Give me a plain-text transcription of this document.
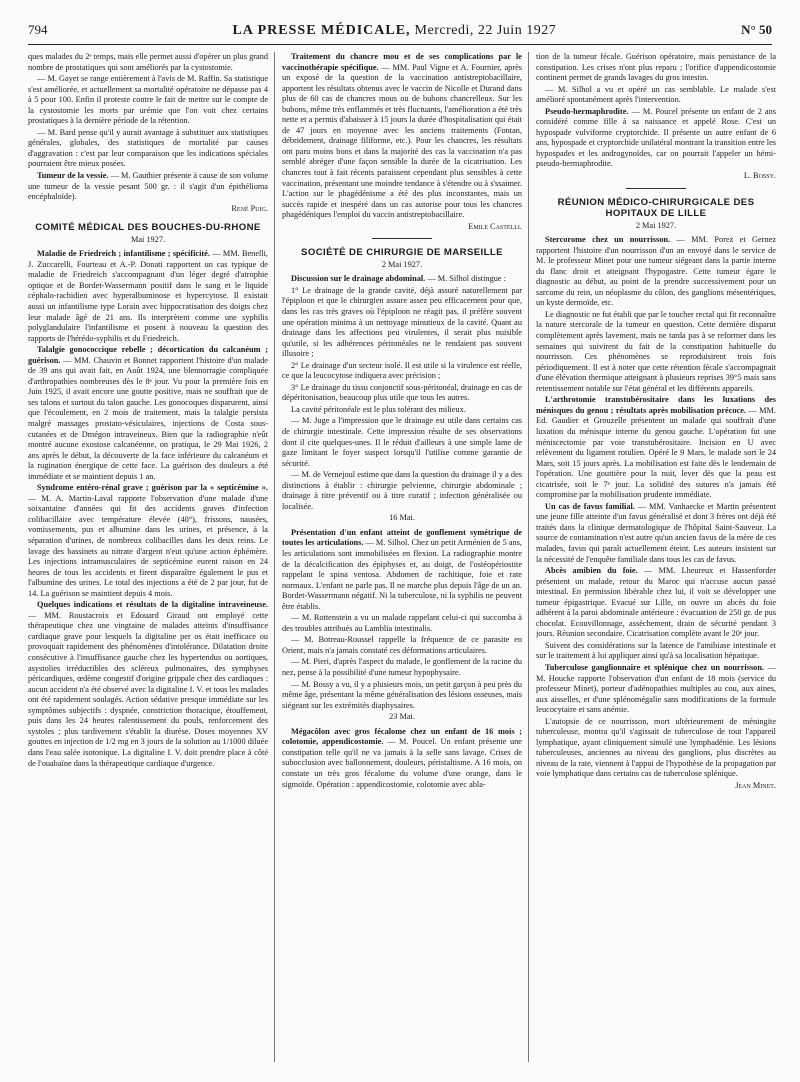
794	LA PRESSE MÉDICALE, Mercredi, 22 Juin 1927	N° 50

ques malades du 2ᵉ temps, mais elle permet aussi d'opérer un plus grand nombre de prostatiques qui sont améliorés par la cystostomie.

— M. Gayet se range entièrement à l'avis de M. Raffin. Sa statistique s'est améliorée, et actuellement sa mortalité opératoire ne dépasse pas 4 à 5 pour 100. Enfin il proteste contre le fait de mettre sur le compte de la cystostomie les morts par urémie que l'on voit chez certains prostatiques à la dernière période de la rétention.

— M. Bard pense qu'il y aurait avantage à substituer aux statistiques générales, globales, des statistiques de mortalité par causes d'aggravation : c'est par leur comparaison que les indications spéciales pourraient être mieux posées.

Tumeur de la vessie. — M. Gauthier présente à cause de son volume une tumeur de la vessie pesant 500 gr. : il s'agit d'un épithélioma encéphaloïde).

René Puig.
COMITÉ MÉDICAL DES BOUCHES-DU-RHONE
Mai 1927.

Maladie de Friedreich ; infantilisme ; spécificité. — MM. Benelli, J. Zuccarelli, Fourteau et A.-P. Donati rapportent un cas typique de maladie de Friedreich s'accompagnant d'un léger degré d'atrophie optique et de Bordet-Wassermann positif dans le sang et le liquide céphalo-rachidien avec hyperalbuminose et hypercytose. Il existait aussi un infantilisme type Lorain avec hippocratisation des doigts chez leur malade âgé de 21 ans. Ils interprètent comme une syphilis polyglandulaire l'infantilisme et posent à nouveau la question des rapports de l'hérédo-syphilis et du Friedreich.

Talalgie gonococcique rebelle ; décortication du calcanéum ; guérison. — MM. Chauvin et Bonnet rapportent l'histoire d'un malade de 39 ans qui avait fait, en Août 1924, une blennorragie compliquée d'arthropathies nombreuses dès le 8ᵉ jour. Vu pour la première fois en Juin 1925, il avait encore une goutte positive, mais ne souffrait que de ses talons et surtout du talon gauche. Les gonocoques disparurent, ainsi que l'écoulement, en 2 mois de traitement, mais la talalgie persista malgré massages prostato-vésiculaires, injections de Costa sous-cutanées et de Dmégon intraveineux. Bien que la radiographie n'eût montré aucune exostose calcanéenne, on pratiqua, le 29 Mai 1926, 2 ans après le début, la découverte de la face inférieure du calcanéum et la rugination énergique de cette face. La guérison des douleurs a été immédiate et se maintient depuis 1 an.

Syndrome entéro-rénal grave ; guérison par la « septicémine ». — M. A. Martin-Laval rapporte l'observation d'une malade d'une soixantaine d'années qui fit des accidents graves d'infection colibacillaire avec température élevée (40°), frissons, nausées, vomissements, pus et albumine dans les urines, et présence, à la séparation d'urines, de nombreux colibacilles dans les deux reins. Le lavage des bassinets au nitrate d'argent n'eut qu'une action éphémère. Les injections intramusculaires de septicémine eurent raison en 24 heures de tous les accidents et firent disparaître également le pus et l'albumine des urines. Le total des injections a été de 2 par jour, fut de 14. La guérison se maintient depuis 4 mois.

Quelques indications et résultats de la digitaline intraveineuse. — MM. Roustacroix et Edouard Giraud ont employé cette thérapeutique chez une vingtaine de malades atteints d'insuffisance cardiaque grave pour lesquels la digitaline per os était inefficace ou provoquait rapidement des phénomènes d'intolérance. Dilatation droite consécutive à l'insuffisance gauche chez les hypertendus ou aortiques, asystolies irréductibles des scléreux pulmonaires, des symphyses péricardiques, œdème congestif d'origine grippale chez des cardiaques : aucun accident n'a été observé avec la digitaline I. V. et tous les malades ont été rapidement soulagés. Action sédative presque immédiate sur les symptômes subjectifs : dyspnée, constriction thoracique, étouffement, puis dans les 24 heures ralentissement du pouls, renforcement des systoles ; plus tardivement s'établit la diurèse. Doses moyennes XV gouttes en injection de 1/2 mg en 3 jours de la solution au 1/1000 diluée dans l'eau salée isotonique. La digitaline I. V. doit prendre place à côté de l'ouabaïne dans la thérapeutique cardiaque d'urgence.

Traitement du chancre mou et de ses complications par le vaccinothérapie spécifique. — MM. Paul Vigne et A. Fournier, après un exposé de la question de la vaccination antistreptobacillaire, apportent les résultats obtenus avec le vaccin de Nicolle et Durand dans plus de 60 cas de chancres mous ou de bubons chancrelleux. Sur les bubons, même très enflammés et très fluctuants, l'amélioration a été très nette et a permis d'abaisser à 15 jours la durée d'hospitalisation qui était de 47 jours en moyenne avec les anciens traitements (Fontan, débridement, drainage filiforme, etc.). Pour les chancres, les résultats ont paru moins bons et dans la majorité des cas la vaccination n'a pas semblé abréger d'une façon sensible la durée de la cicatrisation. Les chancres tout à fait récents paraissent cependant plus sensibles à cette vaccination, présentant une moindre tendance à s'étendre ou à s'ssaimer. L'action sur le phagédénisme a été des plus inconstantes, mais un succès rapide et inespéré dans un cas autorise pour tous les chancres phagédéniques l'emploi du vaccin antistreptobacillaire.

Emile Castelli.
SOCIÉTÉ DE CHIRURGIE DE MARSEILLE
2 Mai 1927.

Discussion sur le drainage abdominal. — M. Silhol distingue :

1° Le drainage de la grande cavité, déjà assuré naturellement par l'épiploon et que le chirurgien assure assez peu efficacement pour que, dans les cas très graves où l'épiploon ne réagit pas, il préfère souvent une opération minima à un nettoyage minutieux de la cavité. Quant au drainage dans les affections peu virulentes, il serait plus nuisible qu'utile, si les adhérences péritonéales ne le rendaient pas souvent illusoire ;

2° Le drainage d'un secteur isolé. Il est utile si la virulence est réelle, ce que la leucocytose indiquera avec précision ;

3° Le drainage du tissu conjonctif sous-péritonéal, drainage en cas de dépéritonisation, beaucoup plus utile que tous les autres.

La cavité péritonéale est le plus tolérant des milieux.

— M. Juge a l'impression que le drainage est utile dans certains cas de chirurgie intestinale. Cette impression résulte de ses observations dont il cite quelques-unes. Il le réduit d'ailleurs à une simple lame de gaze limitant le foyer suspect lorsqu'il l'utilise comme garantie de sécurité.

— M. de Vernejoul estime que dans la question du drainage il y a des distinctions à établir : chirurgie pelvienne, chirurgie abdominale ; drainage à titre préventif ou à titre curatif ; infection généralisée ou localisée.

16 Mai.

Présentation d'un enfant atteint de gonflement symétrique de toutes les articulations. — M. Silhol. Chez un petit Arménien de 5 ans, les articulations sont immobilisées en flexion. La radiographie montre de la décalcification des épiphyses et, au doigt, de l'ostéopériostite rappelant le spina ventosa. Abdomen de rachitique, foie et rate normaux. L'enfant ne parle pas. Il ne marche plus depuis l'âge de un an. Bordet-Wassermann négatif. Ni la tuberculose, ni la syphilis ne peuvent être établis.

— M. Rottenstein a vu un malade rappelant celui-ci qui succomba à des troubles attribués au Lamblia intestinalis.

— M. Botreau-Roussel rappelle la fréquence de ce parasite en Orient, mais n'a jamais constaté ces déformations articulaires.

— M. Pieri, d'après l'aspect du malade, le gonflement de la racine du nez, pense à la possibilité d'une tumeur hypophysaire.

— M. Bossy a vu, il y a plusieurs mois, un petit garçon à peu près du même âge, présentant la même généralisation des lésions osseuses, mais siégeant sur les extrémités diaphysaires.

23 Mai.

Mégacôlon avec gros fécalome chez un enfant de 16 mois ; colotomie, appendicostomie. — M. Poucel. Un enfant présente une constipation telle qu'il ne va jamais à la selle sans lavage. Crises de subocclusion avec ballonnement, douleurs, péristaltisme. A 16 mois, on constate un très gros fécalome du volume d'une orange, dans le sigmoïde. Opération : appendicostomie, colotomie avec abla-

tion de la tumeur fécale. Guérison opératoire, mais persistance de la constipation. Les crises n'ont plus reparu ; l'orifice d'appendicostomie continent permet de grands lavages du gros intestin.

— M. Silhol a vu et opéré un cas semblable. Le malade s'est amélioré spontanément après l'intervention.

Pseudo-hermaphrodite. — M. Poucel présente un enfant de 2 ans considéré comme fille à sa naissance et appelé Rose. C'est un hypospade vulviforme cryptorchide. Il présente un autre enfant de 6 ans, hypospade et cryptorchide unilatéral montrant la transition entre les hypospades et les androgynoïdes, car on pourrait l'appeler un hémi-pseudo-hermaphrodite.

L. Bossy.
RÉUNION MÉDICO-CHIRURGICALE DES HOPITAUX DE LILLE
2 Mai 1927.

Stercorome chez un nourrisson. — MM. Porez et Gernez rapportent l'histoire d'un nourrisson d'un an envoyé dans le service de M. le professeur Minet pour une tumeur siégeant dans la partie interne du flanc droit et atteignant l'hypogastre. Cette tumeur égare le diagnostic au début, au point de la prendre successivement pour un sarcome du rein, un néoplasme du côlon, des ganglions mésentériques, un kyste dermoïde, etc.

Le diagnostic ne fut établi que par le toucher rectal qui fit reconnaître la nature stercorale de la tumeur en question. Cette dernière disparut complètement après lavement, mais ne tarda pas à se reformer dans les semaines qui suivirent du fait de la constipation habituelle du nourrisson. Ces phénomènes se reproduisirent trois fois périodiquement. Il est à noter que cette rétention fécale s'accompagnait d'une élévation thermique atteignant à plusieurs reprises 39°5 mais sans retentissement notable sur l'état général et les différents appareils.

L'arthrotomie transtubérositaire dans les luxations des ménisques du genou ; résultats après mobilisation précoce. — MM. Ed. Gaudier et Grouzelle présentent un malade qui souffrait d'une luxation du ménisque interne du genou gauche. L'opération fut une méniscectomie par voie transtubérositaire. Incision en U avec relèvement du ligament rotulien. Opéré le 9 Mars, le malade sort le 24 Mars, soit 15 jours après. La mobilisation est faite dès le lendemain de l'opération. Une gouttière pour la nuit, lever dès que la peau est cicatrisée, soit le 7ᵉ jour. La solidité des sutures n'a jamais été compromise par la mobilisation prudente immédiate.

Un cas de favus familial. — MM. Vanhaecke et Martin présentent une jeune fille atteinte d'un favus généralisé et dont 3 frères ont déjà été traités dans la clinique dermatologique de l'hôpital Saint-Sauveur. La source de contamination n'est autre qu'un ancien favus de la mère de ces malades, favus qui paraît actuellement éteint. Les auteurs insistent sur la nécessité de l'enquête familiale dans tous les cas de favus.

Abcès amibien du foie. — MM. Lheureux et Hassenforder présentent un malade, retour du Maroc qui n'accuse aucun passé intestinal. En permission libérable chez lui, il voit se développer une tumeur épigastrique. Evacué sur Lille, on ouvre un abcès du foie adhérent à la paroi abdominale antérieure : évacuation de 250 gr. de pus chocolat. Ecouvillonnage, assèchement, drain de sécurité pendant 3 jours. Réunion secondaire. Cicatrisation complète avant le 20ᵉ jour.

Suivent des considérations sur la latence de l'amibiase intestinale et sur le traitement à lui appliquer ainsi qu'à sa localisation hépatique.

Tuberculose ganglionnaire et splénique chez un nourrisson. — M. Houcke rapporte l'observation d'un enfant de 18 mois (service du professeur Minet), porteur d'adénopathies multiples au cou, aux aines, aux aisselles, et d'une splénomégalie sans modifications de la formule leucocytaire et sans anémie.

L'autopsie de ce nourrisson, mort ultérieurement de méningite tuberculeuse, montra qu'il s'agissait de tuberculose de tout l'appareil lymphatique, ayant cliniquement simulé une lymphadénie. Les lésions tuberculeuses, anciennes au niveau des ganglions, plus discrètes au niveau de la rate, viennent à l'appui de l'hypothèse de la propagation par voie lymphatique dans certains cas de tuberculose splénique.

Jean Minet.
